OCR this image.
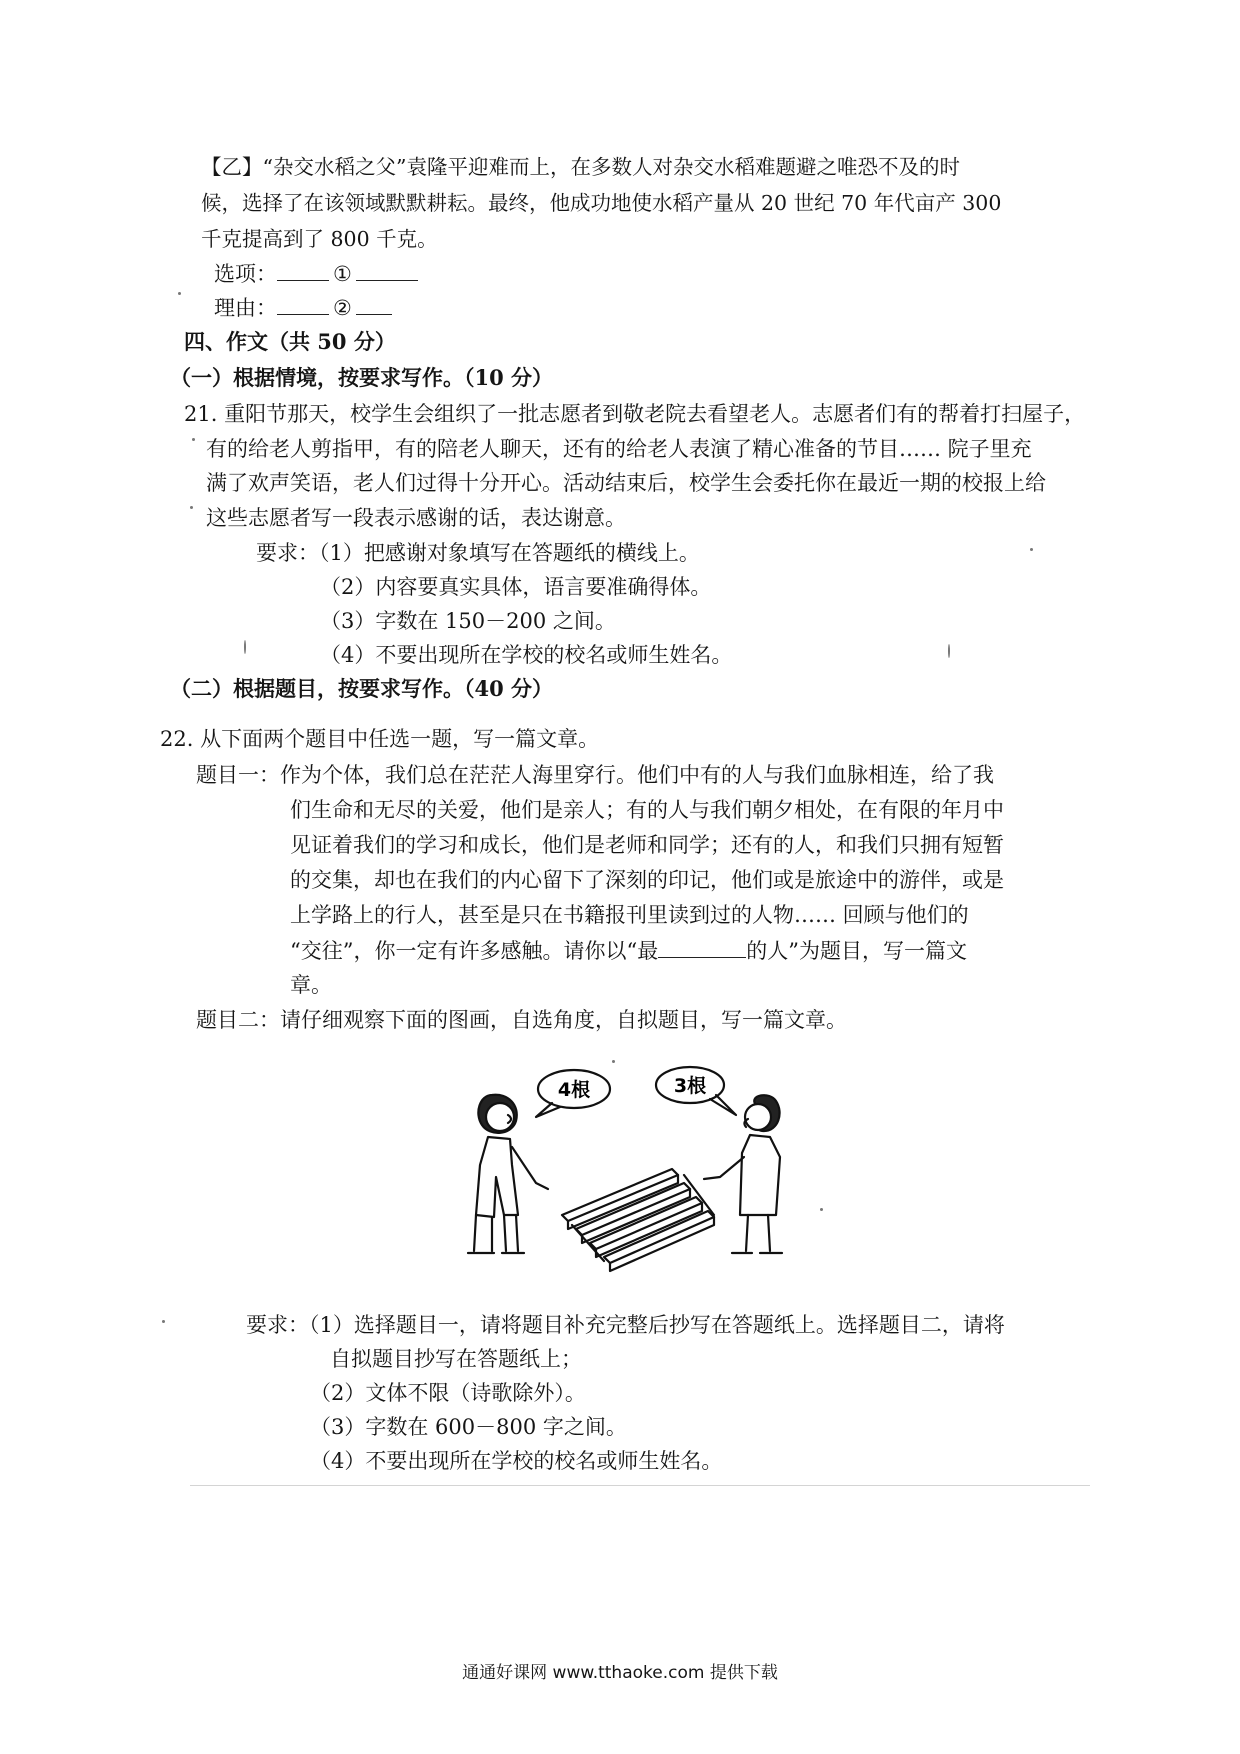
【乙】“杂交水稻之父”袁隆平迎难而上，在多数人对杂交水稻难题避之唯恐不及的时
候，选择了在该领域默默耕耘。最终，他成功地使水稻产量从 20 世纪 70 年代亩产 300
千克提高到了 800 千克。
选项：	①
理由：	②
四、作文（共 50 分）
（一）根据情境，按要求写作。（10 分）
21. 重阳节那天，校学生会组织了一批志愿者到敬老院去看望老人。志愿者们有的帮着打扫屋子，
有的给老人剪指甲，有的陪老人聊天，还有的给老人表演了精心准备的节目…… 院子里充
满了欢声笑语，老人们过得十分开心。活动结束后，校学生会委托你在最近一期的校报上给
这些志愿者写一段表示感谢的话，表达谢意。
要求：（1）把感谢对象填写在答题纸的横线上。
（2）内容要真实具体，语言要准确得体。
（3）字数在 150－200 之间。
（4）不要出现所在学校的校名或师生姓名。
（二）根据题目，按要求写作。（40 分）
22. 从下面两个题目中任选一题，写一篇文章。
题目一：作为个体，我们总在茫茫人海里穿行。他们中有的人与我们血脉相连，给了我
们生命和无尽的关爱，他们是亲人；有的人与我们朝夕相处，在有限的年月中
见证着我们的学习和成长，他们是老师和同学；还有的人，和我们只拥有短暂
的交集，却也在我们的内心留下了深刻的印记，他们或是旅途中的游伴，或是
上学路上的行人，甚至是只在书籍报刊里读到过的人物…… 回顾与他们的
“交往”，你一定有许多感触。请你以“最	的人”为题目，写一篇文
章。
题目二：请仔细观察下面的图画，自选角度，自拟题目，写一篇文章。
4根	3根
要求：（1）选择题目一，请将题目补充完整后抄写在答题纸上。选择题目二，请将
自拟题目抄写在答题纸上；
（2）文体不限（诗歌除外）。
（3）字数在 600－800 字之间。
（4）不要出现所在学校的校名或师生姓名。
通通好课网 www.tthaoke.com 提供下载
